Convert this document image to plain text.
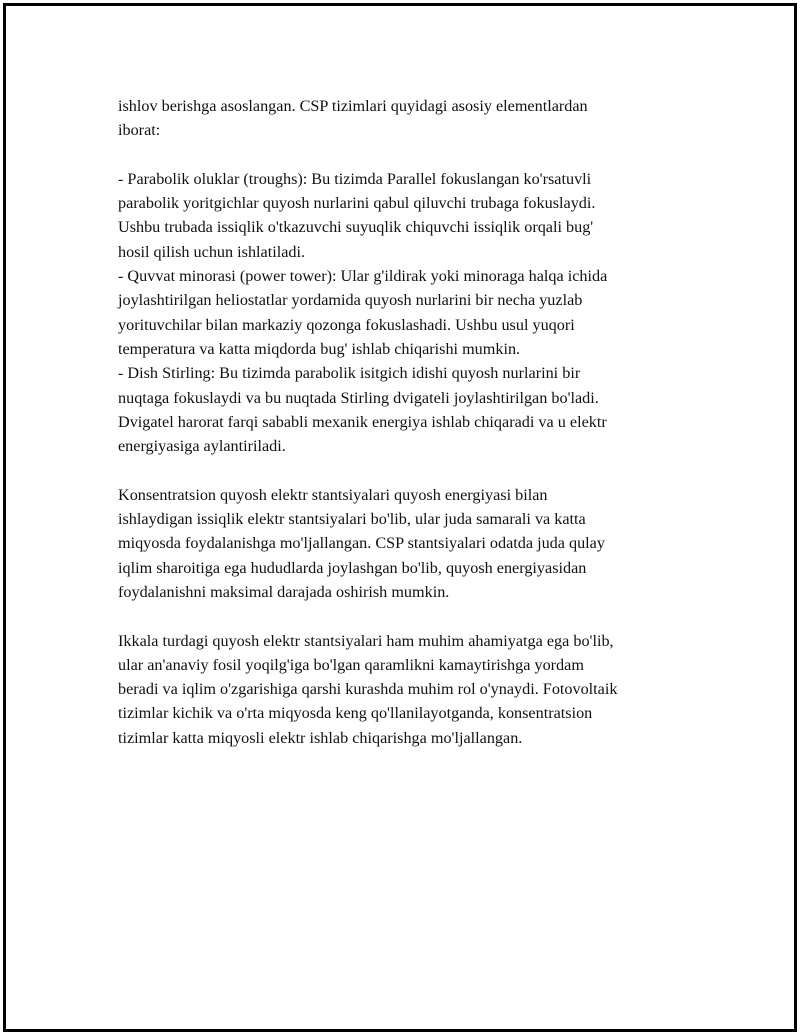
ishlov berishga asoslangan. CSP tizimlari quyidagi asosiy elementlardan
iborat:

- Parabolik oluklar (troughs): Bu tizimda Parallel fokuslangan ko'rsatuvli
parabolik yoritgichlar quyosh nurlarini qabul qiluvchi trubaga fokuslaydi.
Ushbu trubada issiqlik o'tkazuvchi suyuqlik chiquvchi issiqlik orqali bug'
hosil qilish uchun ishlatiladi.
- Quvvat minorasi (power tower): Ular g'ildirak yoki minoraga halqa ichida
joylashtirilgan heliostatlar yordamida quyosh nurlarini bir necha yuzlab
yorituvchilar bilan markaziy qozonga fokuslashadi. Ushbu usul yuqori
temperatura va katta miqdorda bug' ishlab chiqarishi mumkin.
- Dish Stirling: Bu tizimda parabolik isitgich idishi quyosh nurlarini bir
nuqtaga fokuslaydi va bu nuqtada Stirling dvigateli joylashtirilgan bo'ladi.
Dvigatel harorat farqi sababli mexanik energiya ishlab chiqaradi va u elektr
energiyasiga aylantiriladi.

Konsentratsion quyosh elektr stantsiyalari quyosh energiyasi bilan
ishlaydigan issiqlik elektr stantsiyalari bo'lib, ular juda samarali va katta
miqyosda foydalanishga mo'ljallangan. CSP stantsiyalari odatda juda qulay
iqlim sharoitiga ega hududlarda joylashgan bo'lib, quyosh energiyasidan
foydalanishni maksimal darajada oshirish mumkin.

Ikkala turdagi quyosh elektr stantsiyalari ham muhim ahamiyatga ega bo'lib,
ular an'anaviy fosil yoqilg'iga bo'lgan qaramlikni kamaytirishga yordam
beradi va iqlim o'zgarishiga qarshi kurashda muhim rol o'ynaydi. Fotovoltaik
tizimlar kichik va o'rta miqyosda keng qo'llanilayotganda, konsentratsion
tizimlar katta miqyosli elektr ishlab chiqarishga mo'ljallangan.
